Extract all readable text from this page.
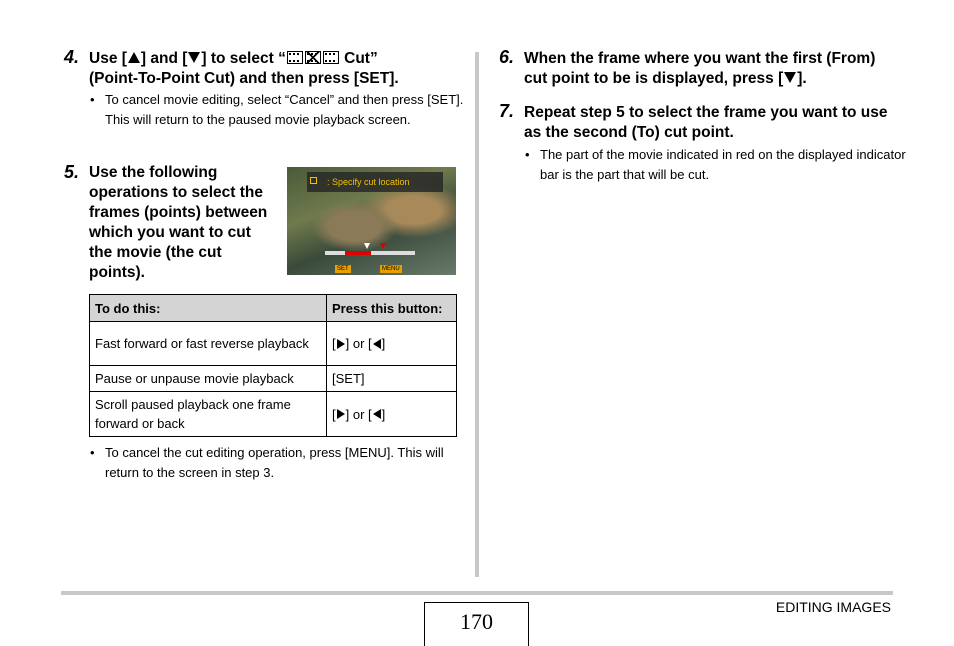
4. Use [ ] and [ ] to select “	Cut”
(Point-To-Point Cut) and then press [SET].
• To cancel movie editing, select “Cancel” and then press [SET]. This will return to the paused movie playback screen.
5. Use the following operations to select the frames (points) between which you want to cut the movie (the cut points).
: Specify cut location
SET	MENU
To do this:	Press this button:
Fast forward or fast reverse playback	[ ] or [ ]
Pause or unpause movie playback	[SET]
Scroll paused playback one frame forward or back	[ ] or [ ]
• To cancel the cut editing operation, press [MENU]. This will return to the screen in step 3.
6. When the frame where you want the first (From) cut point to be is displayed, press [ ].
7. Repeat step 5 to select the frame you want to use as the second (To) cut point.
• The part of the movie indicated in red on the displayed indicator bar is the part that will be cut.
170
EDITING IMAGES
